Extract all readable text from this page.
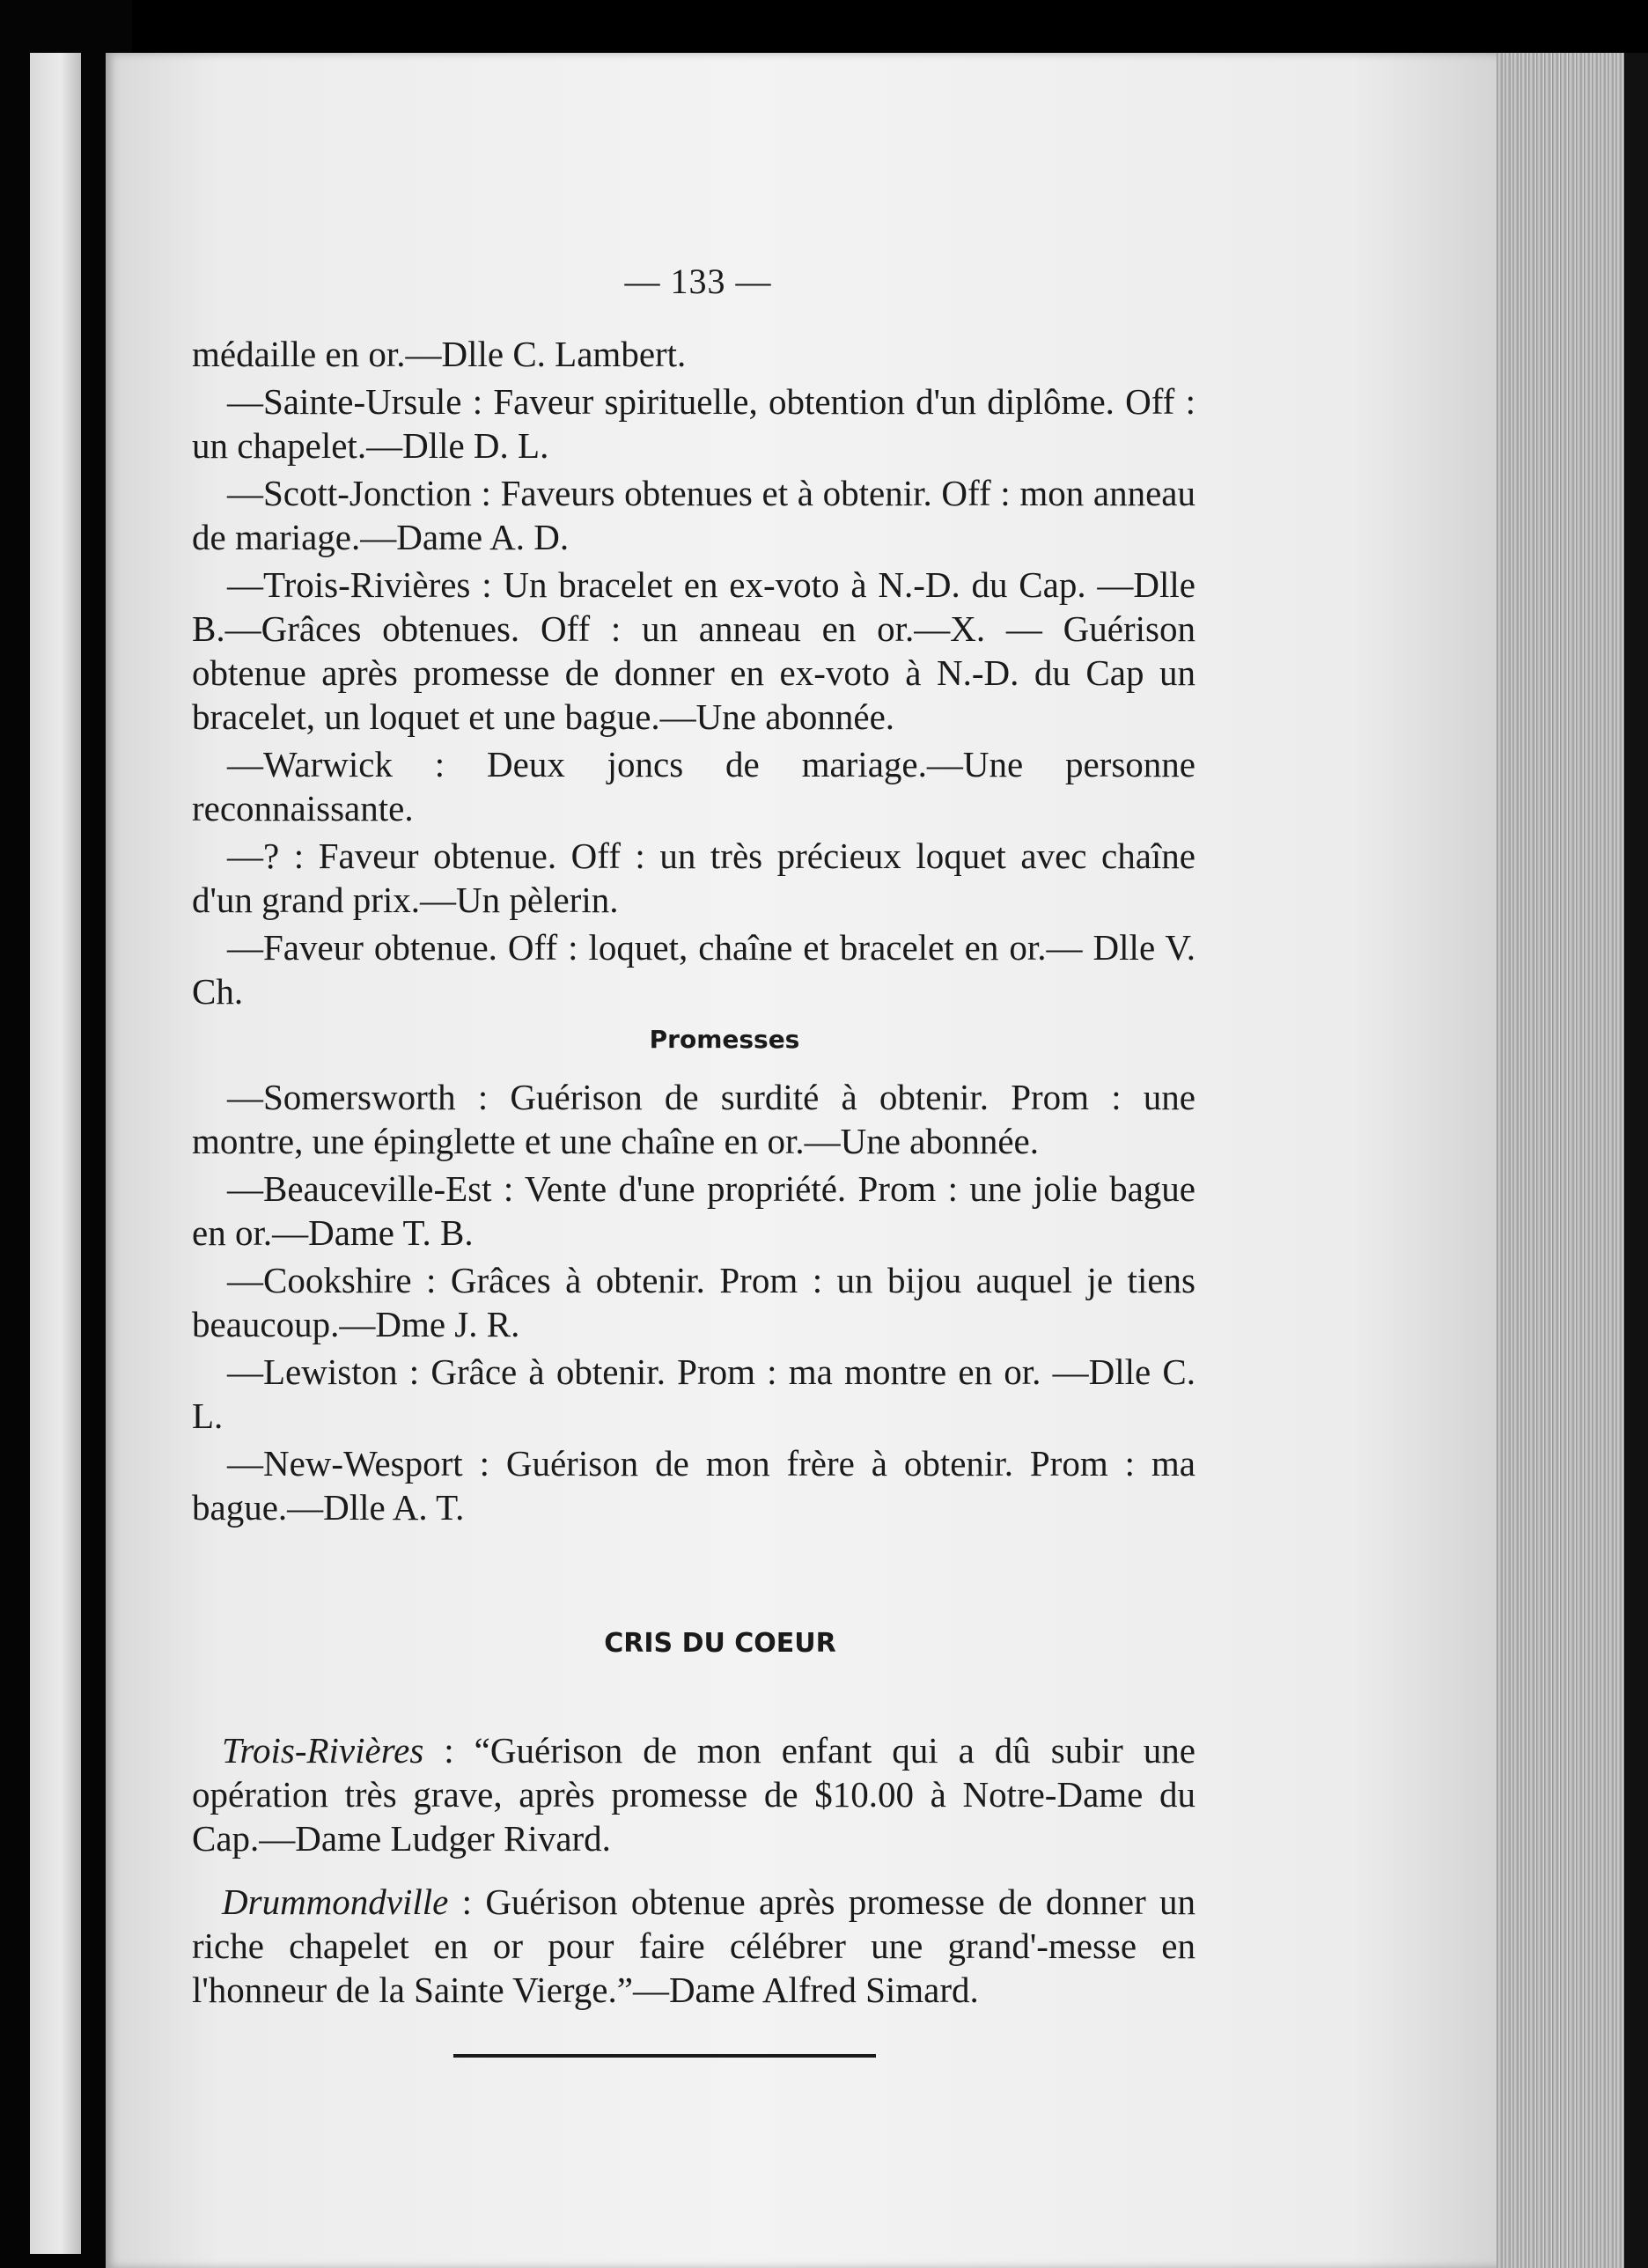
— 133 —

médaille en or.—Dlle C. Lambert.

—Sainte-Ursule : Faveur spirituelle, obtention d'un diplôme. Off : un chapelet.—Dlle D. L.

—Scott-Jonction : Faveurs obtenues et à obtenir. Off : mon anneau de mariage.—Dame A. D.

—Trois-Rivières : Un bracelet en ex-voto à N.-D. du Cap. —Dlle B.—Grâces obtenues. Off : un anneau en or.—X. — Guérison obtenue après promesse de donner en ex-voto à N.-D. du Cap un bracelet, un loquet et une bague.—Une abonnée.

—Warwick : Deux joncs de mariage.—Une personne reconnaissante.

—? : Faveur obtenue. Off : un très précieux loquet avec chaîne d'un grand prix.—Un pèlerin.

—Faveur obtenue. Off : loquet, chaîne et bracelet en or.— Dlle V. Ch.

Promesses

—Somersworth : Guérison de surdité à obtenir. Prom : une montre, une épinglette et une chaîne en or.—Une abonnée.

—Beauceville-Est : Vente d'une propriété. Prom : une jolie bague en or.—Dame T. B.

—Cookshire : Grâces à obtenir. Prom : un bijou auquel je tiens beaucoup.—Dme J. R.

—Lewiston : Grâce à obtenir. Prom : ma montre en or. —Dlle C. L.

—New-Wesport : Guérison de mon frère à obtenir. Prom : ma bague.—Dlle A. T.

CRIS DU COEUR

Trois-Rivières : “Guérison de mon enfant qui a dû subir une opération très grave, après promesse de $10.00 à Notre-Dame du Cap.—Dame Ludger Rivard.

Drummondville : Guérison obtenue après promesse de donner un riche chapelet en or pour faire célébrer une grand'-messe en l'honneur de la Sainte Vierge.”—Dame Alfred Simard.
